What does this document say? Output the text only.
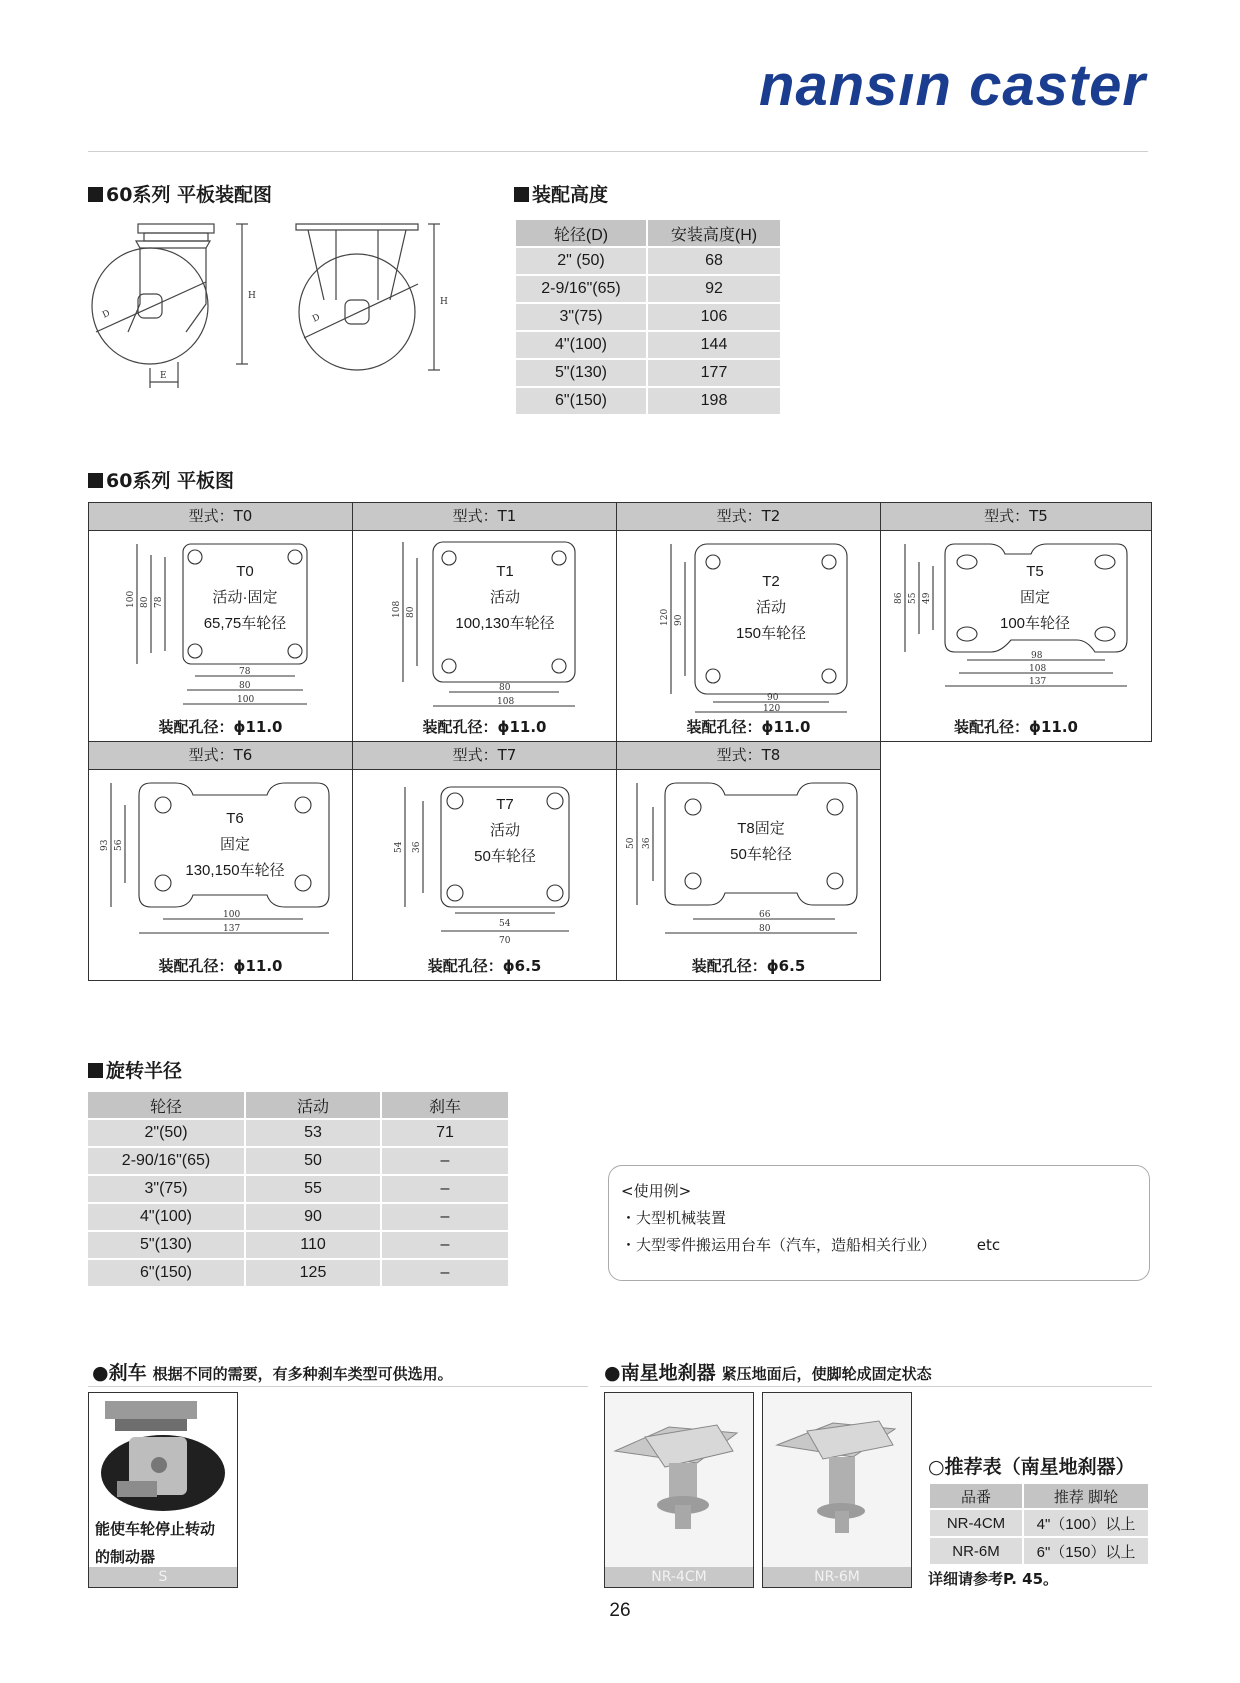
nansın caster
60系列 平板装配图
D
H
E
D
H
装配高度
轮径(D)	安装高度(H)
2" (50)	68
2-9/16"(65)	92
3"(75)	106
4"(100)	144
5"(130)	177
6"(150)	198
60系列 平板图
型式：T0
100 80 78
78
80
100
T0
活动·固定
65,75车轮径
装配孔径：ϕ11.0
型式：T1
108 80
80
108
T1
活动
100,130车轮径
装配孔径：ϕ11.0
型式：T2
120 90
90
120
T2
活动
150车轮径
装配孔径：ϕ11.0
型式：T5
86 55 49
98
108
137
T5
固定
100车轮径
装配孔径：ϕ11.0
型式：T6
93 56
100
137
T6
固定
130,150车轮径
装配孔径：ϕ11.0
型式：T7
54 36
54
70
T7
活动
50车轮径
装配孔径：ϕ6.5
型式：T8
50 36
66
80
T8固定
50车轮径
装配孔径：ϕ6.5
旋转半径
轮径	活动	刹车
2"(50)	53	71
2-90/16"(65)	50	–
3"(75)	55	–
4"(100)	90	–
5"(130)	110	–
6"(150)	125	–
<使用例>
・大型机械装置
・大型零件搬运用台车（汽车，造船相关行业）	etc
●刹车 根据不同的需要，有多种刹车类型可供选用。
能使车轮停止转动
的制动器
S
●南星地刹器 紧压地面后，使脚轮成固定状态
NR-4CM	NR-6M
○推荐表（南星地刹器）
品番	推荐 脚轮
NR-4CM	4"（100）以上
NR-6M	6"（150）以上
详细请参考P. 45。
26
